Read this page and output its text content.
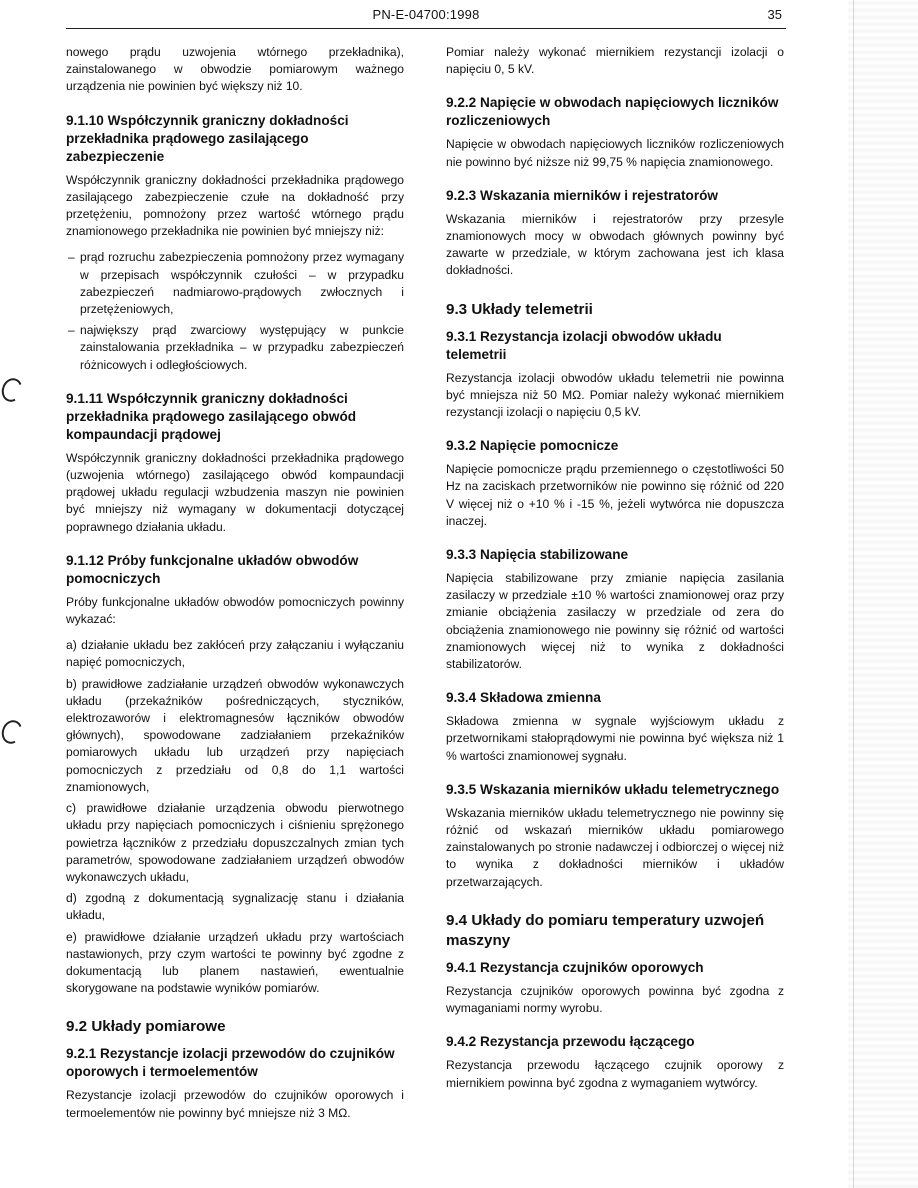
PN-E-04700:1998	35

nowego prądu uzwojenia wtórnego przekładnika), zainstalowanego w obwodzie pomiarowym ważnego urządzenia nie powinien być większy niż 10.

9.1.10 Współczynnik graniczny dokładności przekładnika prądowego zasilającego zabezpieczenie

Współczynnik graniczny dokładności przekładnika prądowego zasilającego zabezpieczenie czułe na dokładność przy przetężeniu, pomnożony przez wartość wtórnego prądu znamionowego przekładnika nie powinien być mniejszy niż:

– prąd rozruchu zabezpieczenia pomnożony przez wymagany w przepisach współczynnik czułości – w przypadku zabezpieczeń nadmiarowo-prądowych zwłocznych i przetężeniowych,
– największy prąd zwarciowy występujący w punkcie zainstalowania przekładnika – w przypadku zabezpieczeń różnicowych i odległościowych.
9.1.11 Współczynnik graniczny dokładności przekładnika prądowego zasilającego obwód kompaundacji prądowej

Współczynnik graniczny dokładności przekładnika prądowego (uzwojenia wtórnego) zasilającego obwód kompaundacji prądowej układu regulacji wzbudzenia maszyn nie powinien być mniejszy niż wymagany w dokumentacji dotyczącej poprawnego działania układu.

9.1.12 Próby funkcjonalne układów obwodów pomocniczych

Próby funkcjonalne układów obwodów pomocniczych powinny wykazać:

a) działanie układu bez zakłóceń przy załączaniu i wyłączaniu napięć pomocniczych,
b) prawidłowe zadziałanie urządzeń obwodów wykonawczych układu (przekaźników pośredniczących, styczników, elektrozaworów i elektromagnesów łączników obwodów głównych), spowodowane zadziałaniem przekaźników pomiarowych układu lub urządzeń przy napięciach pomocniczych z przedziału od 0,8 do 1,1 wartości znamionowych,
c) prawidłowe działanie urządzenia obwodu pierwotnego układu przy napięciach pomocniczych i ciśnieniu sprężonego powietrza łączników z przedziału dopuszczalnych zmian tych parametrów, spowodowane zadziałaniem urządzeń obwodów wykonawczych układu,
d) zgodną z dokumentacją sygnalizację stanu i działania układu,
e) prawidłowe działanie urządzeń układu przy wartościach nastawionych, przy czym wartości te powinny być zgodne z dokumentacją lub planem nastawień, ewentualnie skorygowane na podstawie wyników pomiarów.
9.2 Układy pomiarowe
9.2.1 Rezystancje izolacji przewodów do czujników oporowych i termoelementów

Rezystancje izolacji przewodów do czujników oporowych i termoelementów nie powinny być mniejsze niż 3 MΩ.

Pomiar należy wykonać miernikiem rezystancji izolacji o napięciu 0, 5 kV.

9.2.2 Napięcie w obwodach napięciowych liczników rozliczeniowych

Napięcie w obwodach napięciowych liczników rozliczeniowych nie powinno być niższe niż 99,75 % napięcia znamionowego.

9.2.3 Wskazania mierników i rejestratorów

Wskazania mierników i rejestratorów przy przesyle znamionowych mocy w obwodach głównych powinny być zawarte w przedziale, w którym zachowana jest ich klasa dokładności.

9.3 Układy telemetrii
9.3.1 Rezystancja izolacji obwodów układu telemetrii

Rezystancja izolacji obwodów układu telemetrii nie powinna być mniejsza niż 50 MΩ. Pomiar należy wykonać miernikiem rezystancji izolacji o napięciu 0,5 kV.

9.3.2 Napięcie pomocnicze

Napięcie pomocnicze prądu przemiennego o częstotliwości 50 Hz na zaciskach przetworników nie powinno się różnić od 220 V więcej niż o +10 % i -15 %, jeżeli wytwórca nie dopuszcza inaczej.

9.3.3 Napięcia stabilizowane

Napięcia stabilizowane przy zmianie napięcia zasilania zasilaczy w przedziale ±10 % wartości znamionowej oraz przy zmianie obciążenia zasilaczy w przedziale od zera do obciążenia znamionowego nie powinny się różnić od wartości znamionowych więcej niż to wynika z dokładności stabilizatorów.

9.3.4 Składowa zmienna

Składowa zmienna w sygnale wyjściowym układu z przetwornikami stałoprądowymi nie powinna być większa niż 1 % wartości znamionowej sygnału.

9.3.5 Wskazania mierników układu telemetrycznego

Wskazania mierników układu telemetrycznego nie powinny się różnić od wskazań mierników układu pomiarowego zainstalowanych po stronie nadawczej i odbiorczej o więcej niż to wynika z dokładności mierników i układów przetwarzających.

9.4 Układy do pomiaru temperatury uzwojeń maszyny
9.4.1 Rezystancja czujników oporowych

Rezystancja czujników oporowych powinna być zgodna z wymaganiami normy wyrobu.

9.4.2 Rezystancja przewodu łączącego

Rezystancja przewodu łączącego czujnik oporowy z miernikiem powinna być zgodna z wymaganiem wytwórcy.
